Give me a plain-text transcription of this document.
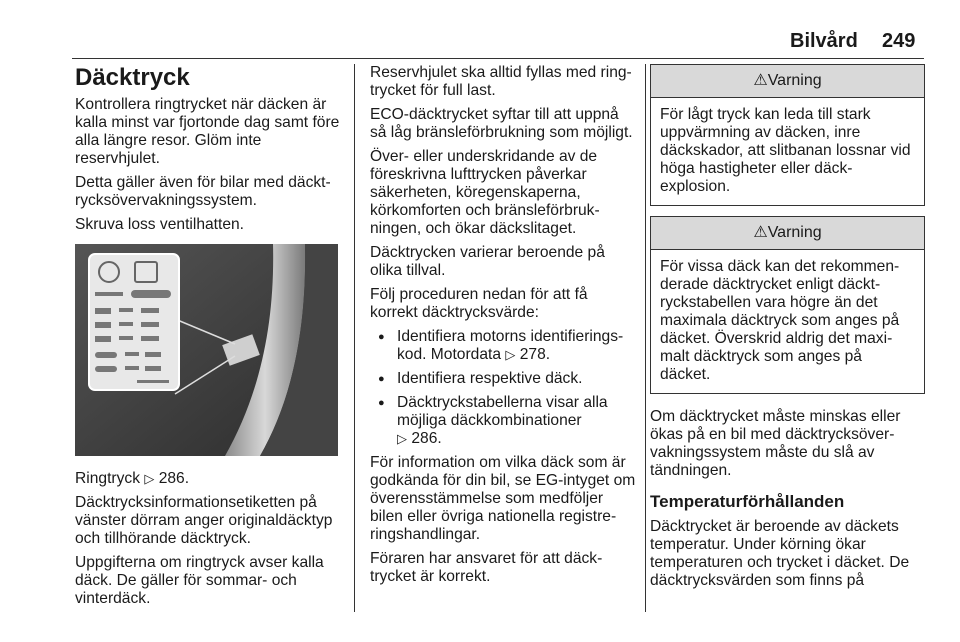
Bilvård 249
Däcktryck

Kontrollera ringtrycket när däcken är kalla minst var fjortonde dag samt före alla längre resor. Glöm inte reservhjulet.

Detta gäller även för bilar med däcktrycksövervakningssystem.

Skruva loss ventilhatten.

Ringtryck ▷ 286.

Däcktrycksinformationsetiketten på vänster dörram anger originaldäcktyp och tillhörande däcktryck.

Uppgifterna om ringtryck avser kalla däck. De gäller för sommar- och vinterdäck.

Reservhjulet ska alltid fyllas med ringtrycket för full last.

ECO-däcktrycket syftar till att uppnå så låg bränsleförbrukning som möjligt.

Över- eller underskridande av de föreskrivna lufttrycken påverkar säkerheten, köregenskaperna, körkomforten och bränsleförbrukningen, och ökar däckslitaget.

Däcktrycken varierar beroende på olika tillval.

Följ proceduren nedan för att få korrekt däcktrycksvärde:

● Identifiera motorns identifieringskod. Motordata ▷ 278.
● Identifiera respektive däck.
● Däcktryckstabellerna visar alla möjliga däckkombinationer
▷ 286.

För information om vilka däck som är godkända för din bil, se EG-intyget om överensstämmelse som medföljer bilen eller övriga nationella registreringshandlingar.

Föraren har ansvaret för att däcktrycket är korrekt.

⚠Varning
För lågt tryck kan leda till stark uppvärmning av däcken, inre däckskador, att slitbanan lossnar vid höga hastigheter eller däckexplosion.
⚠Varning
För vissa däck kan det rekommenderade däcktrycket enligt däcktryckstabellen vara högre än det maximala däcktryck som anges på däcket. Överskrid aldrig det maximalt däcktryck som anges på däcket.

Om däcktrycket måste minskas eller ökas på en bil med däcktrycksövervakningssystem måste du slå av tändningen.

Temperaturförhållanden

Däcktrycket är beroende av däckets temperatur. Under körning ökar temperaturen och trycket i däcket. De däcktrycksvärden som finns på
